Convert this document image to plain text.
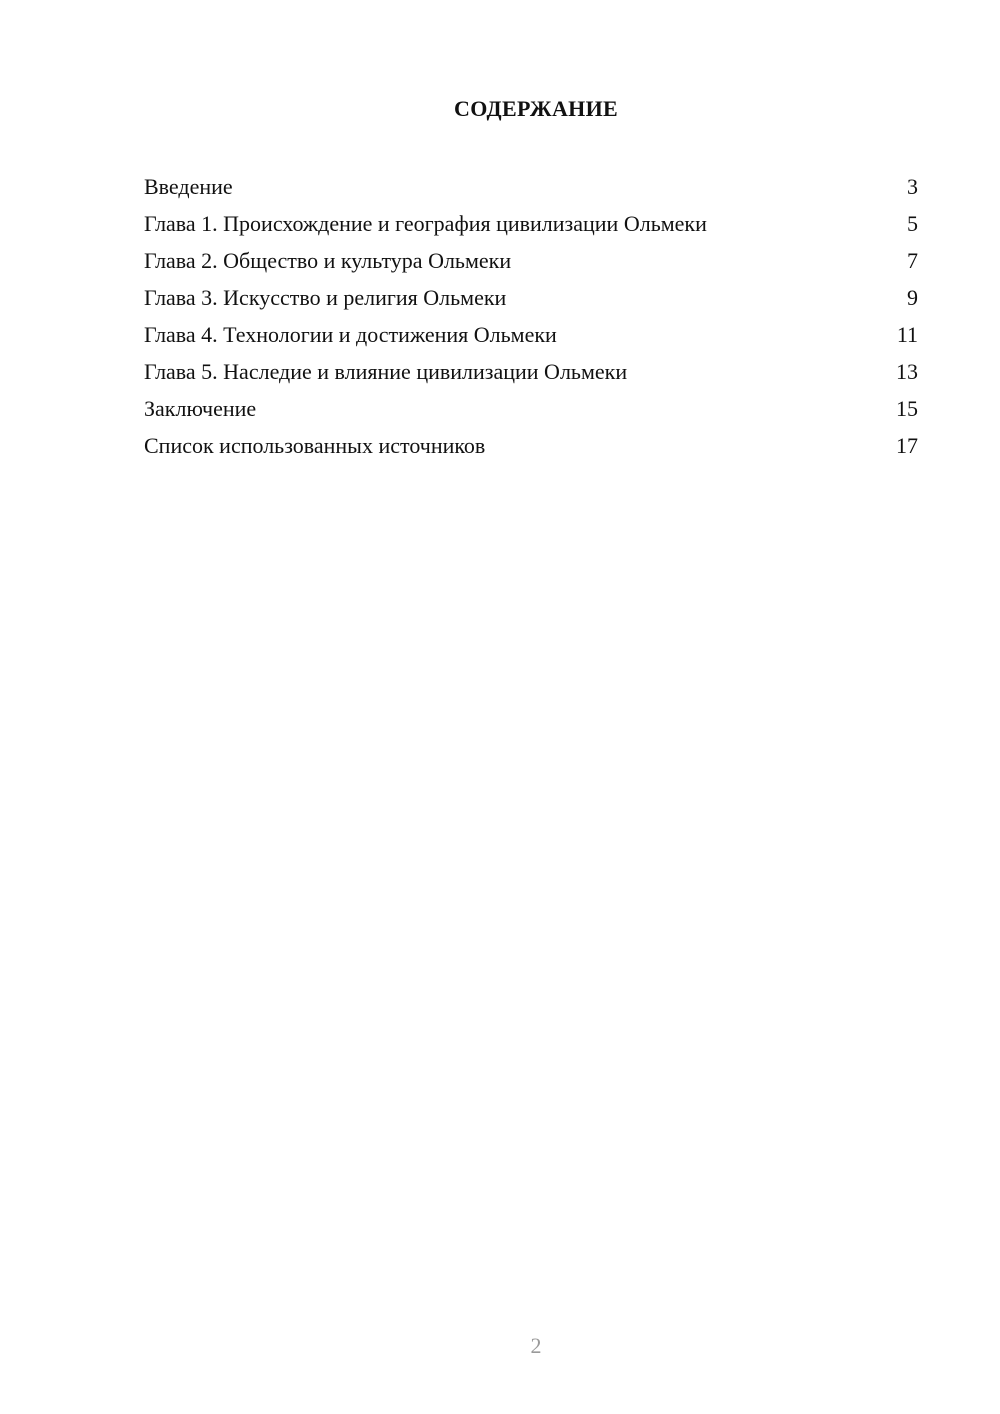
СОДЕРЖАНИЕ
Введение	3
Глава 1. Происхождение и география цивилизации Ольмеки	5
Глава 2. Общество и культура Ольмеки	7
Глава 3. Искусство и религия Ольмеки	9
Глава 4. Технологии и достижения Ольмеки	11
Глава 5. Наследие и влияние цивилизации Ольмеки	13
Заключение	15
Список использованных источников	17
2
